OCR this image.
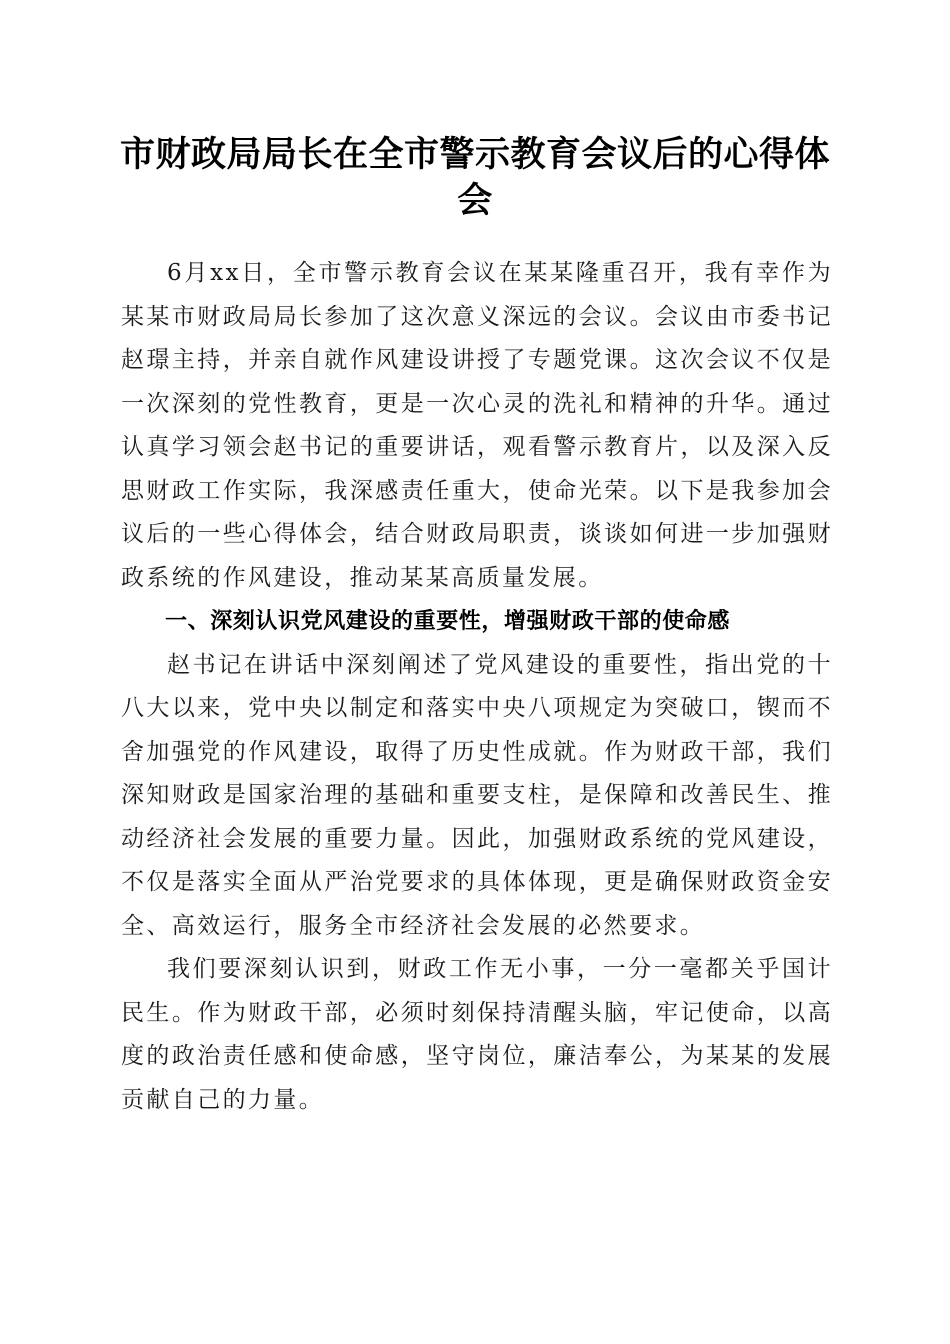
市财政局局长在全市警示教育会议后的心得体会

6月xx日，全市警示教育会议在某某隆重召开，我有幸作为某某市财政局局长参加了这次意义深远的会议。会议由市委书记赵璟主持，并亲自就作风建设讲授了专题党课。这次会议不仅是一次深刻的党性教育，更是一次心灵的洗礼和精神的升华。通过认真学习领会赵书记的重要讲话，观看警示教育片，以及深入反思财政工作实际，我深感责任重大，使命光荣。以下是我参加会议后的一些心得体会，结合财政局职责，谈谈如何进一步加强财政系统的作风建设，推动某某高质量发展。

一、深刻认识党风建设的重要性，增强财政干部的使命感

赵书记在讲话中深刻阐述了党风建设的重要性，指出党的十八大以来，党中央以制定和落实中央八项规定为突破口，锲而不舍加强党的作风建设，取得了历史性成就。作为财政干部，我们深知财政是国家治理的基础和重要支柱，是保障和改善民生、推动经济社会发展的重要力量。因此，加强财政系统的党风建设，不仅是落实全面从严治党要求的具体体现，更是确保财政资金安全、高效运行，服务全市经济社会发展的必然要求。

我们要深刻认识到，财政工作无小事，一分一毫都关乎国计民生。作为财政干部，必须时刻保持清醒头脑，牢记使命，以高度的政治责任感和使命感，坚守岗位，廉洁奉公，为某某的发展贡献自己的力量。
